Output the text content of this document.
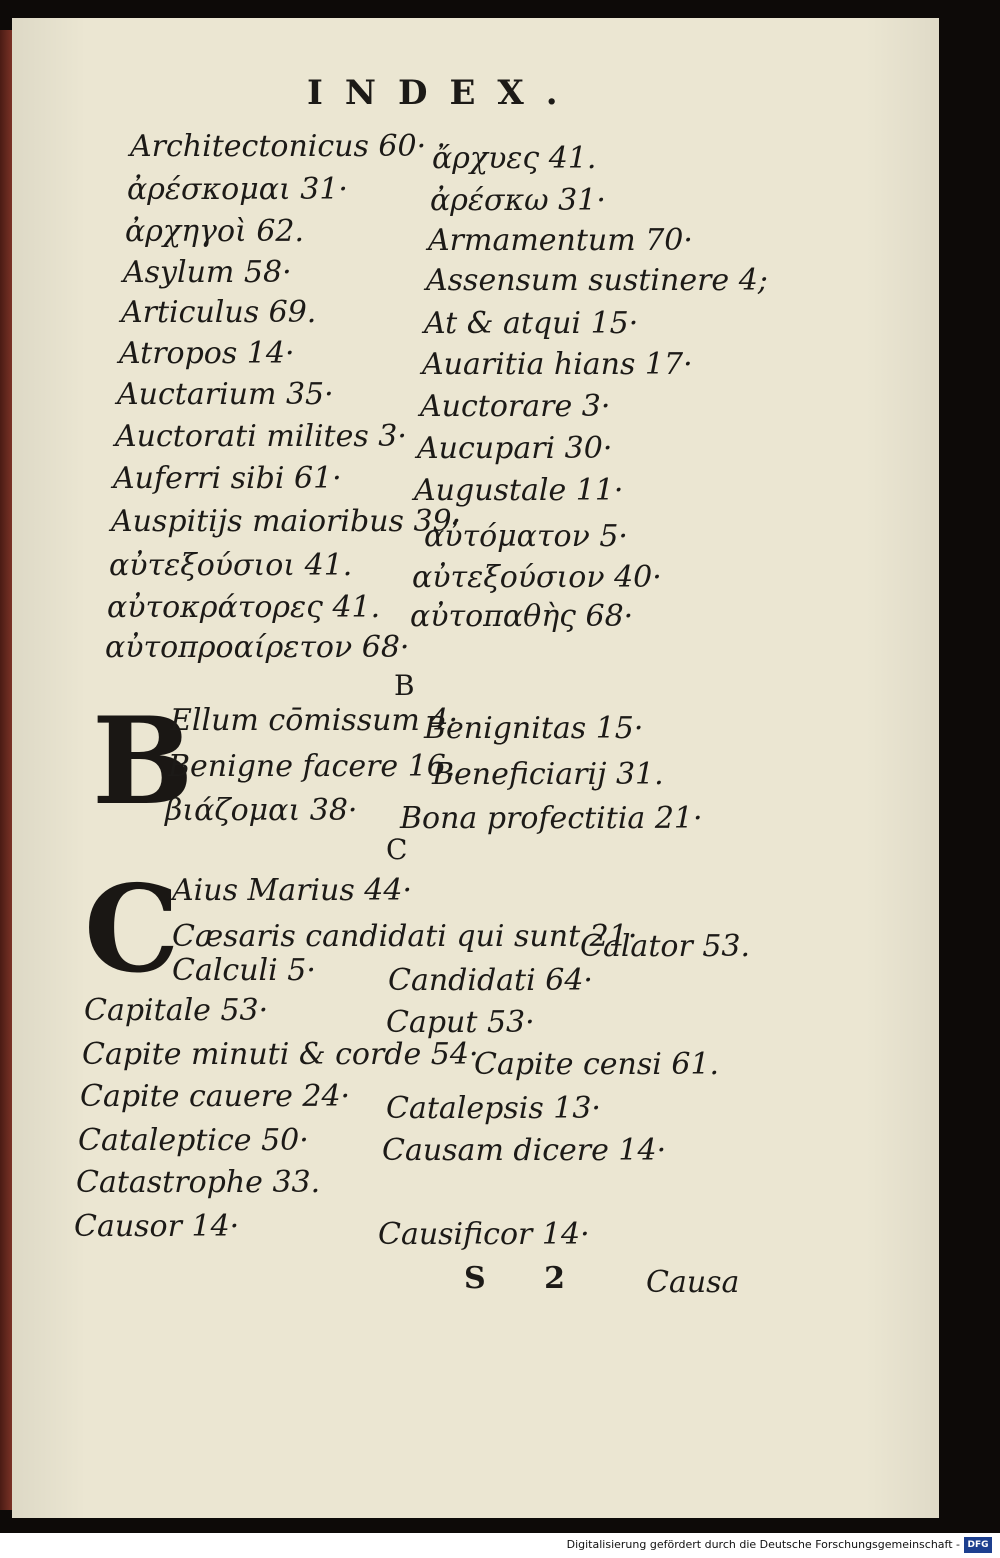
INDEX.
Architectonicus 60·
ἀρέσκομαι 31·
ἀρχηγοὶ 62.
Asylum 58·
Articulus 69.
Atropos 14·
Auctarium 35·
Auctorati milites 3·
Auferri sibi 61·
Auspitijs maioribus 39·
αὐτεξούσιοι 41.
αὐτοκράτορες 41.
αὐτοπροαίρετον 68·
ἄρχυες 41.
ἀρέσκω 31·
Armamentum 70·
Assensum sustinere 4;
At & atqui 15·
Auaritia hians 17·
Auctorare 3·
Aucupari 30·
Augustale 11·
αὐτόματον 5·
αὐτεξούσιον 40·
αὐτοπαθὴς 68·
B
B
Ellum cōmissum 4·
Benignitas 15·
Benigne facere 16.
Beneficiarij 31.
βιάζομαι 38· Bona profectitia 21·
C
C
Aius Marius 44·
Cæsaris candidati qui sunt 21·
Calator 53.
Calculi 5· Candidati 64·
Capitale 53·	Caput 53·
Capite minuti & corde 54·
Capite censi 61.
Capite cauere 24· Catalepsis 13·
Cataleptice 50· Causam dicere 14·
Catastrophe 33.
Causor 14·	Causificor 14·
S 2	Causa
Digitalisierung gefördert durch die Deutsche Forschungsgemeinschaft - DFG
